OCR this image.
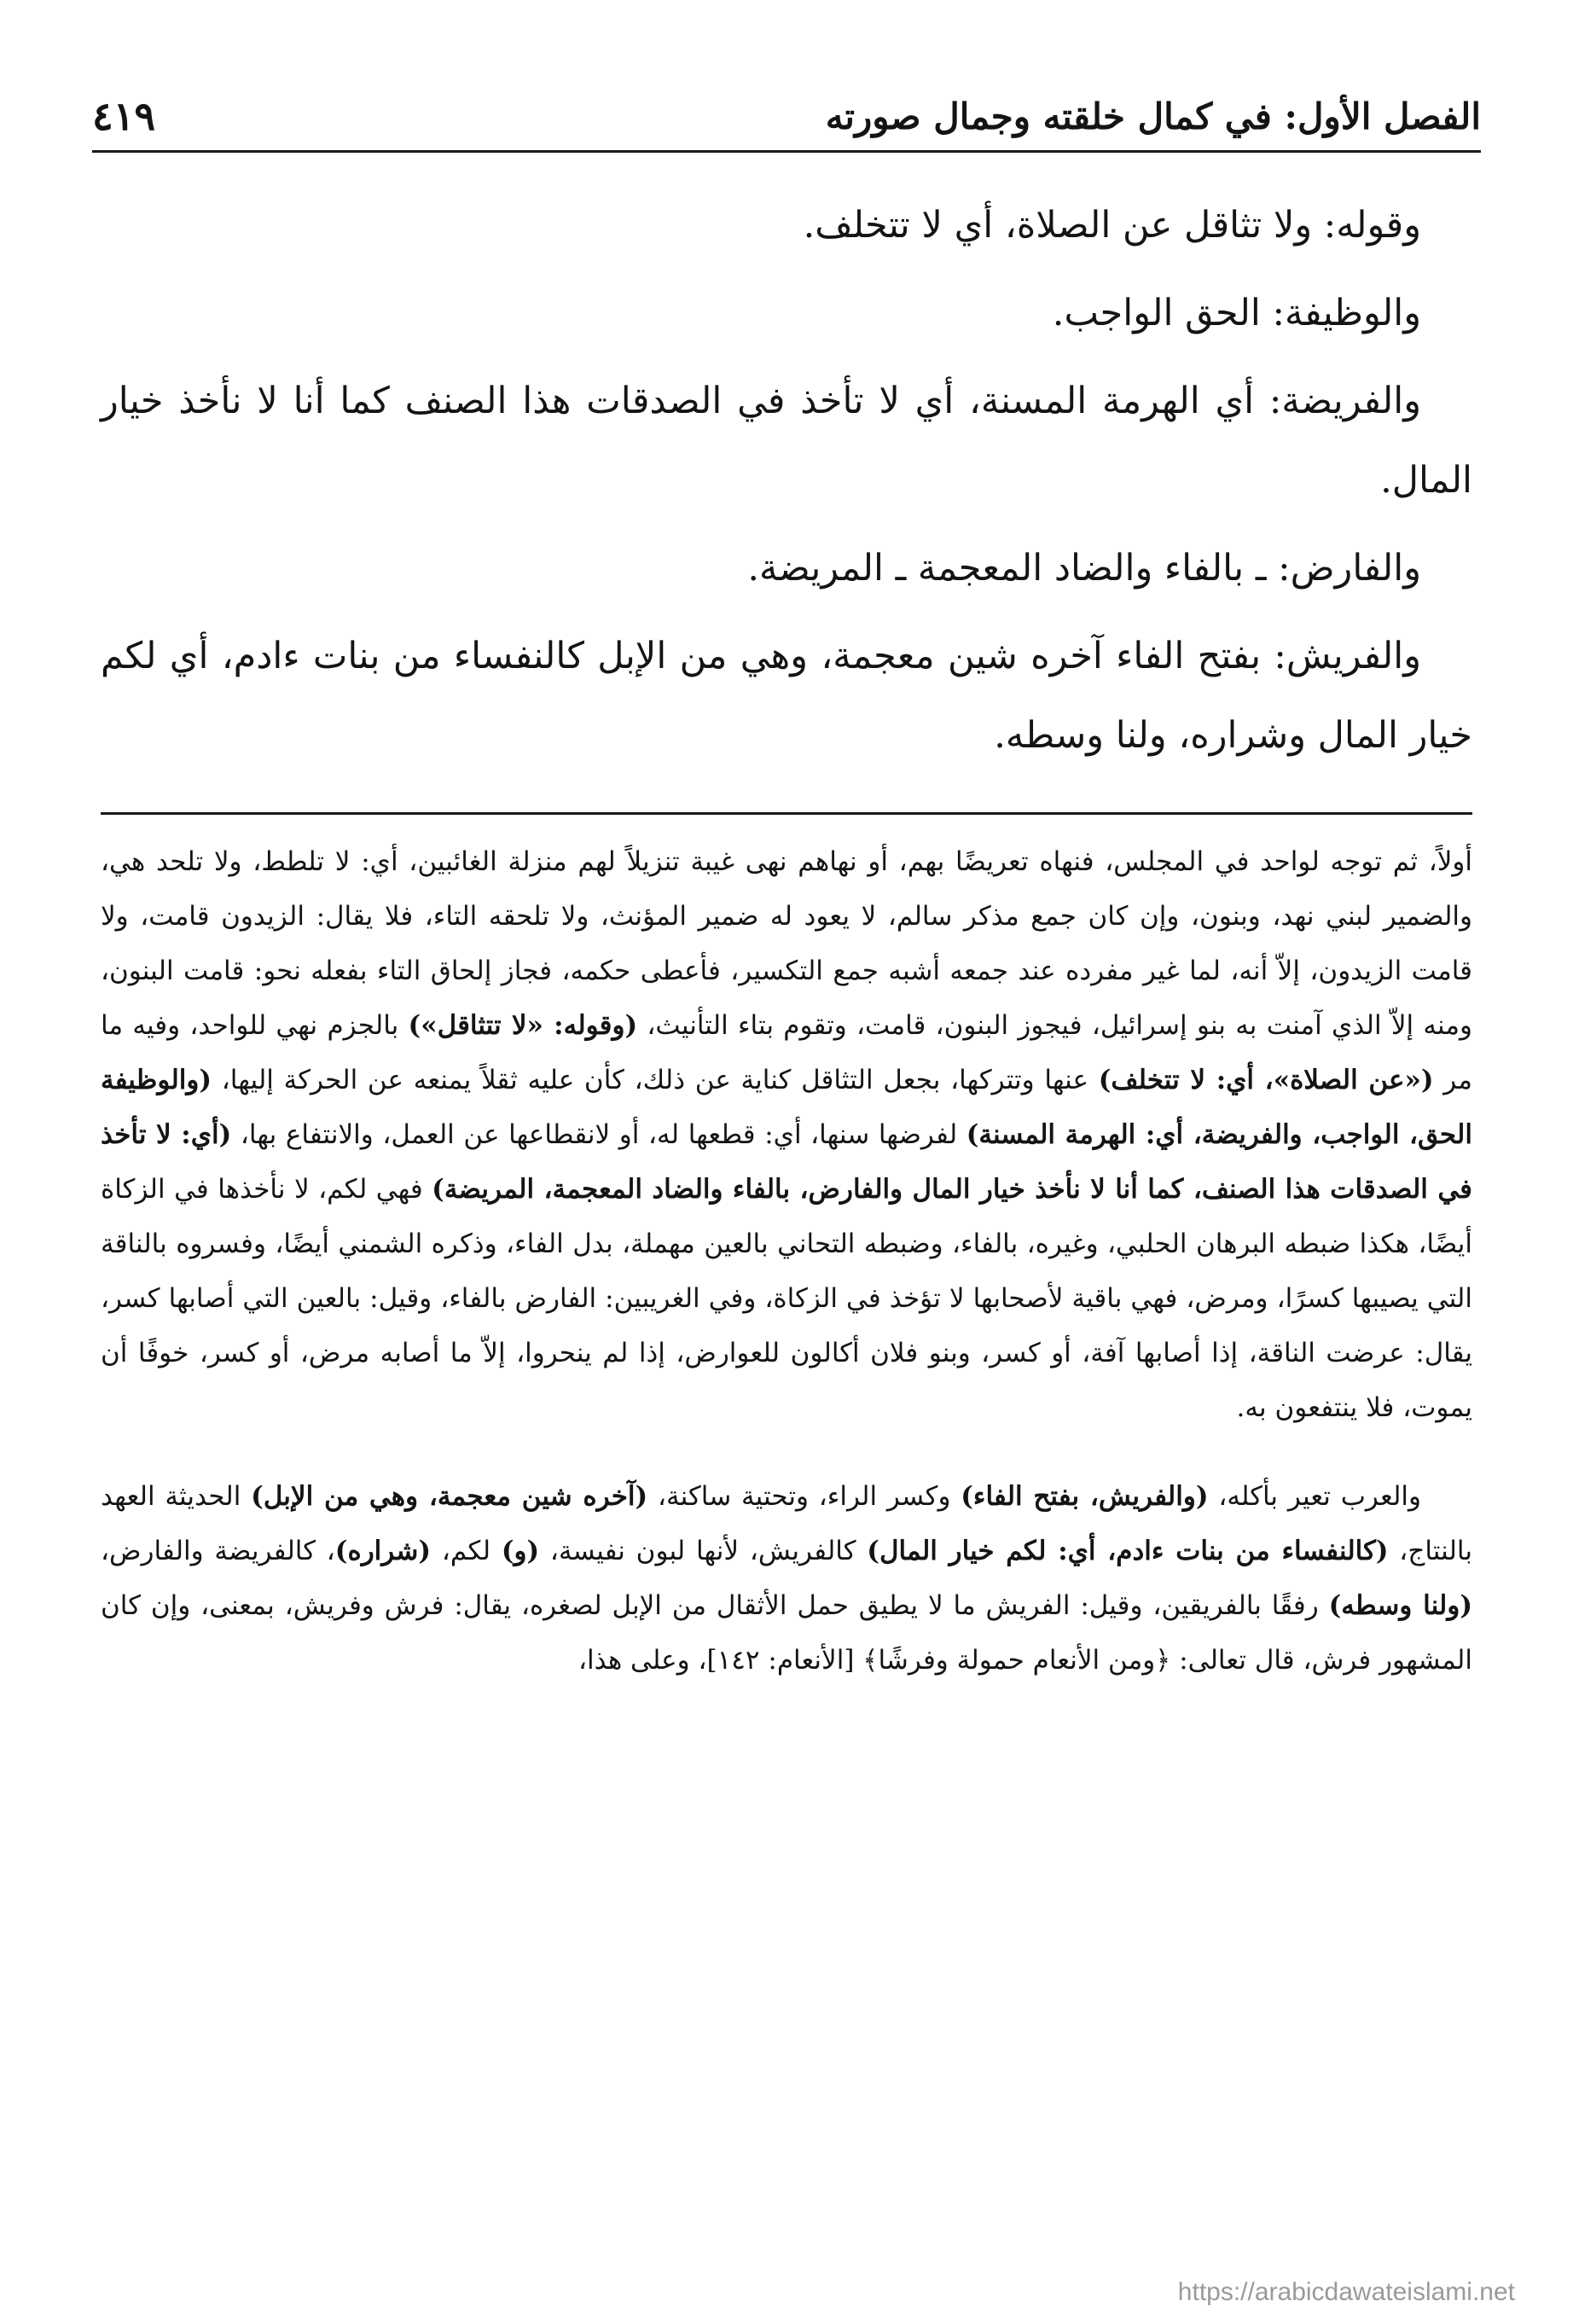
الفصل الأول: في كمال خلقته وجمال صورته
٤١٩

وقوله: ولا تثاقل عن الصلاة، أي لا تتخلف.

والوظيفة: الحق الواجب.

والفريضة: أي الهرمة المسنة، أي لا تأخذ في الصدقات هذا الصنف كما أنا لا نأخذ خيار المال.

والفارض: ـ بالفاء والضاد المعجمة ـ المريضة.

والفريش: بفتح الفاء آخره شين معجمة، وهي من الإبل كالنفساء من بنات ءادم، أي لكم خيار المال وشراره، ولنا وسطه.

أولاً، ثم توجه لواحد في المجلس، فنهاه تعريضًا بهم، أو نهاهم نهى غيبة تنزيلاً لهم منزلة الغائبين، أي: لا تلطط، ولا تلحد هي، والضمير لبني نهد، وبنون، وإن كان جمع مذكر سالم، لا يعود له ضمير المؤنث، ولا تلحقه التاء، فلا يقال: الزيدون قامت، ولا قامت الزيدون، إلاّ أنه، لما غير مفرده عند جمعه أشبه جمع التكسير، فأعطى حكمه، فجاز إلحاق التاء بفعله نحو: قامت البنون، ومنه إلاّ الذي آمنت به بنو إسرائيل، فيجوز البنون، قامت، وتقوم بتاء التأنيث، (وقوله: «لا تتثاقل») بالجزم نهي للواحد، وفيه ما مر («عن الصلاة»، أي: لا تتخلف) عنها وتتركها، بجعل التثاقل كناية عن ذلك، كأن عليه ثقلاً يمنعه عن الحركة إليها، (والوظيفة الحق، الواجب، والفريضة، أي: الهرمة المسنة) لفرضها سنها، أي: قطعها له، أو لانقطاعها عن العمل، والانتفاع بها، (أي: لا تأخذ في الصدقات هذا الصنف، كما أنا لا نأخذ خيار المال والفارض، بالفاء والضاد المعجمة، المريضة) فهي لكم، لا نأخذها في الزكاة أيضًا، هكذا ضبطه البرهان الحلبي، وغيره، بالفاء، وضبطه التحاني بالعين مهملة، بدل الفاء، وذكره الشمني أيضًا، وفسروه بالناقة التي يصيبها كسرًا، ومرض، فهي باقية لأصحابها لا تؤخذ في الزكاة، وفي الغريبين: الفارض بالفاء، وقيل: بالعين التي أصابها كسر، يقال: عرضت الناقة، إذا أصابها آفة، أو كسر، وبنو فلان أكالون للعوارض، إذا لم ينحروا، إلاّ ما أصابه مرض، أو كسر، خوفًا أن يموت، فلا ينتفعون به.

والعرب تعير بأكله، (والفريش، بفتح الفاء) وكسر الراء، وتحتية ساكنة، (آخره شين معجمة، وهي من الإبل) الحديثة العهد بالنتاج، (كالنفساء من بنات ءادم، أي: لكم خيار المال) كالفريش، لأنها لبون نفيسة، (و) لكم، (شراره)، كالفريضة والفارض، (ولنا وسطه) رفقًا بالفريقين، وقيل: الفريش ما لا يطيق حمل الأثقال من الإبل لصغره، يقال: فرش وفريش، بمعنى، وإن كان المشهور فرش، قال تعالى: ﴿ومن الأنعام حمولة وفرشًا﴾ [الأنعام: ١٤٢]، وعلى هذا،

https://arabicdawateislami.net
